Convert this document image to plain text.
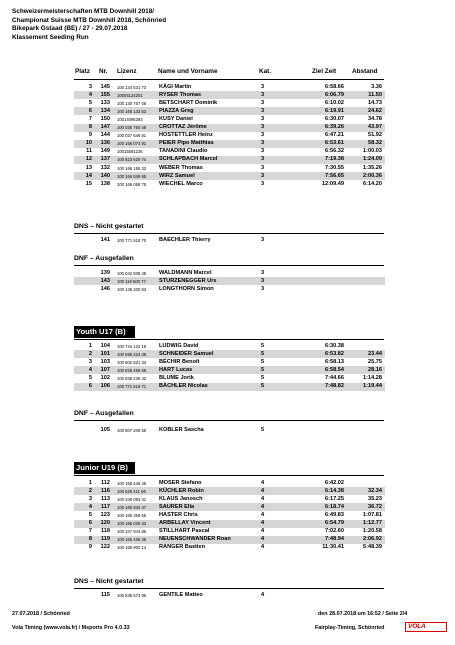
Schweizermeisterschaften MTB Downhill 2018/
Championat Suisse MTB Downhill 2018, Schönried
Bikepark Gstaad (BE) / 27 - 29.07.2018
Klassement Seeding Run
Platz Nr. Lizenz	Name und Vorname	Kat.	Ziel Zeit Abstand
3 145 100 134 531 73 KÄGI Martin	3	6:58.66	3.36
4 155 10004124201	RYSER Thomas	3	6:06.79	11.50
5 133 100 130 767 06 BETSCHART Dominik	3	6:10.02	14.73
6 134 100 166 133 53 PIAZZA Greg	3	6:19.91	24.62
7 150 10014095393	KUSY Daniel	3	6:30.07	34.78
8 147 100 035 760 48 CROTTAZ Jérôme	3	6:39.26	43.97
9 144 100 037 646 91 HOSTETTLER Heinz	3	6:47.21	51.92
10 136 100 166 074 91 PEIER Pipo Matthias	3	6:53.61	58.32
11 149 10015591226	TANADINI Claudio	3	6:56.32	1:00.03
12 137 100 823 620 74 SCHLAPBACH Marcel	3	7:19.38	1:24.09
13 132 100 166 155 33 WEBER Thomas	3	7:30.55	1:35.26
14 140 100 166 049 95 WIRZ Samuel	3	7:56.65	2:00.36
15 138 100 166 058 75 WIECHEL Marco	3	12:09.49	6:14.20
DNS – Nicht gestartet
141 100 771 618 70 BAECHLER Thierry	3
DNF – Ausgefallen
139 100 042 938 48 WALDMANN Marcel	3
143 100 119 500 77 STURZENEGGER Urs	3
146 100 136 200 93 LONGTHORN Simon	3
Youth U17 (B)
1 104 100 744 122 19 LUDWIG David	5	6:30.38
2 101 100 596 223 45 SCHNEIDER Samuel	5	6:53.82	23.44
3 103 100 802 821 33 BÉCHIR Benoît	5	6:58.13	25.75
4 107 100 836 455 55 HART Lucas	5	6:58.54	28.16
5 102 100 838 235 42 BLUME Jorik	5	7:44.66	1:14.28
6 106 100 771 619 71 BÄCHLER Nicolas	5	7:48.82	1:19.44
DNF – Ausgefallen
105 100 807 209 56 KOBLER Sascha	5
Junior U19 (B)
1 112 100 165 446 45 MOSER Stefano	4	6:42.02
2 116 100 529 411 66 KÜCHLER Robin	4	6:14.38	32.34
3 113 100 348 093 41 KLAUS Janosch	4	6:17.25	35.23
4 117 100 165 933 47 SAURER Ella	4	6:18.74	36.72
5 123 100 165 359 55 HASTER Chris	4	6:49.83	1:07.81
6 120 100 165 028 33 ARBELLAY Vincent	4	6:54.79	1:12.77
7 118 100 347 944 86 STILLHART Pascal	4	7:02.60	1:20.58
8 119 100 165 436 35 NEUENSCHWANDER Roan	4	7:48.94	2:06.92
9 122 100 165 900 14 RANGER Bastien	4	11:30.41	5:48.39
DNS – Nicht gestartet
115 100 836 573 96 GENTILE Matteo	4
27.07.2018 / Schönried	den 28.07.2018 um 16:52 / Seite 2/4
Vola Timing (www.vola.fr) / Msports Pro 4.0.33	Fairplay-Timing, Schönried	VOLA
